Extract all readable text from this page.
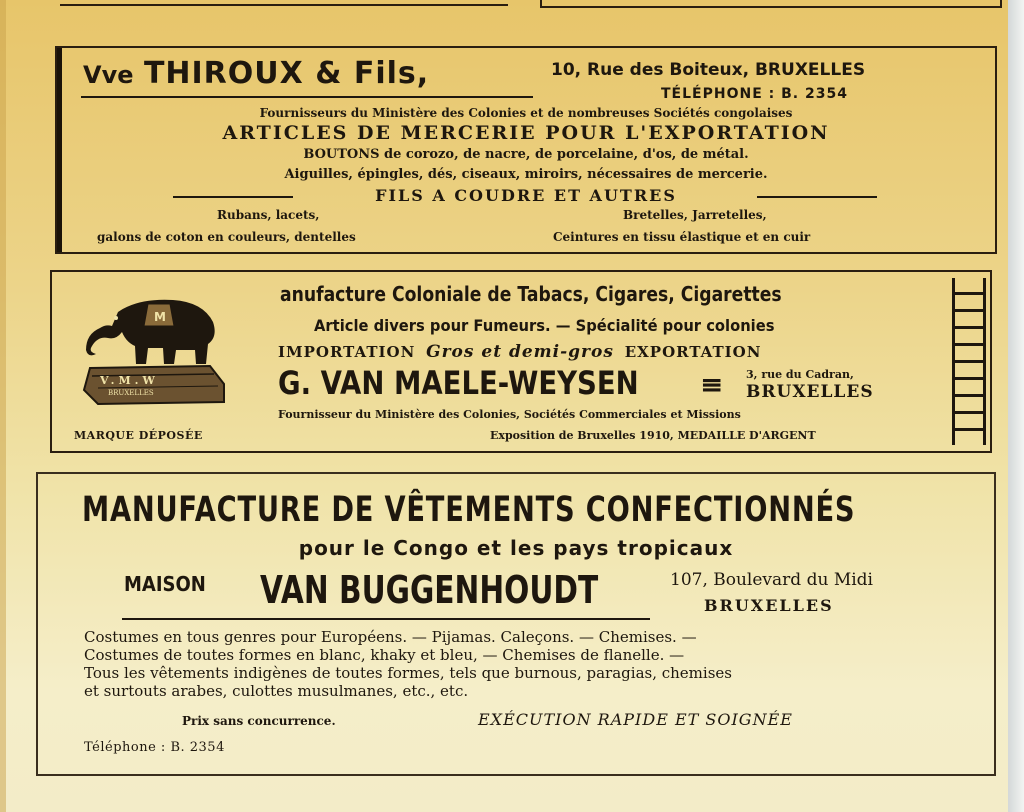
Vve THIROUX & Fils,	10, Rue des Boiteux, BRUXELLES
TÉLÉPHONE : B. 2354
Fournisseurs du Ministère des Colonies et de nombreuses Sociétés congolaises
ARTICLES DE MERCERIE POUR L'EXPORTATION
BOUTONS de corozo, de nacre, de porcelaine, d'os, de métal.
Aiguilles, épingles, dés, ciseaux, miroirs, nécessaires de mercerie.
FILS A COUDRE ET AUTRES
Rubans, lacets,
galons de coton en couleurs, dentelles
Bretelles, Jarretelles,
Ceintures en tissu élastique et en cuir
M
V.M.W
BRUXELLES
MARQUE DÉPOSÉE
anufacture Coloniale de Tabacs, Cigares, Cigarettes
Article divers pour Fumeurs. — Spécialité pour colonies
IMPORTATION Gros et demi-gros EXPORTATION
G. VAN MAELE-WEYSEN ≡ 3, rue du Cadran,
BRUXELLES
Fournisseur du Ministère des Colonies, Sociétés Commerciales et Missions
Exposition de Bruxelles 1910, MEDAILLE D'ARGENT
MANUFACTURE DE VÊTEMENTS CONFECTIONNÉS
pour le Congo et les pays tropicaux
MAISON VAN BUGGENHOUDT	107, Boulevard du Midi
BRUXELLES
Costumes en tous genres pour Européens. — Pijamas. Caleçons. — Chemises. —
Costumes de toutes formes en blanc, khaky et bleu, — Chemises de flanelle. —
Tous les vêtements indigènes de toutes formes, tels que burnous, paragias, chemises
et surtouts arabes, culottes musulmanes, etc., etc.
Prix sans concurrence.	EXÉCUTION RAPIDE ET SOIGNÉE
Téléphone : B. 2354
